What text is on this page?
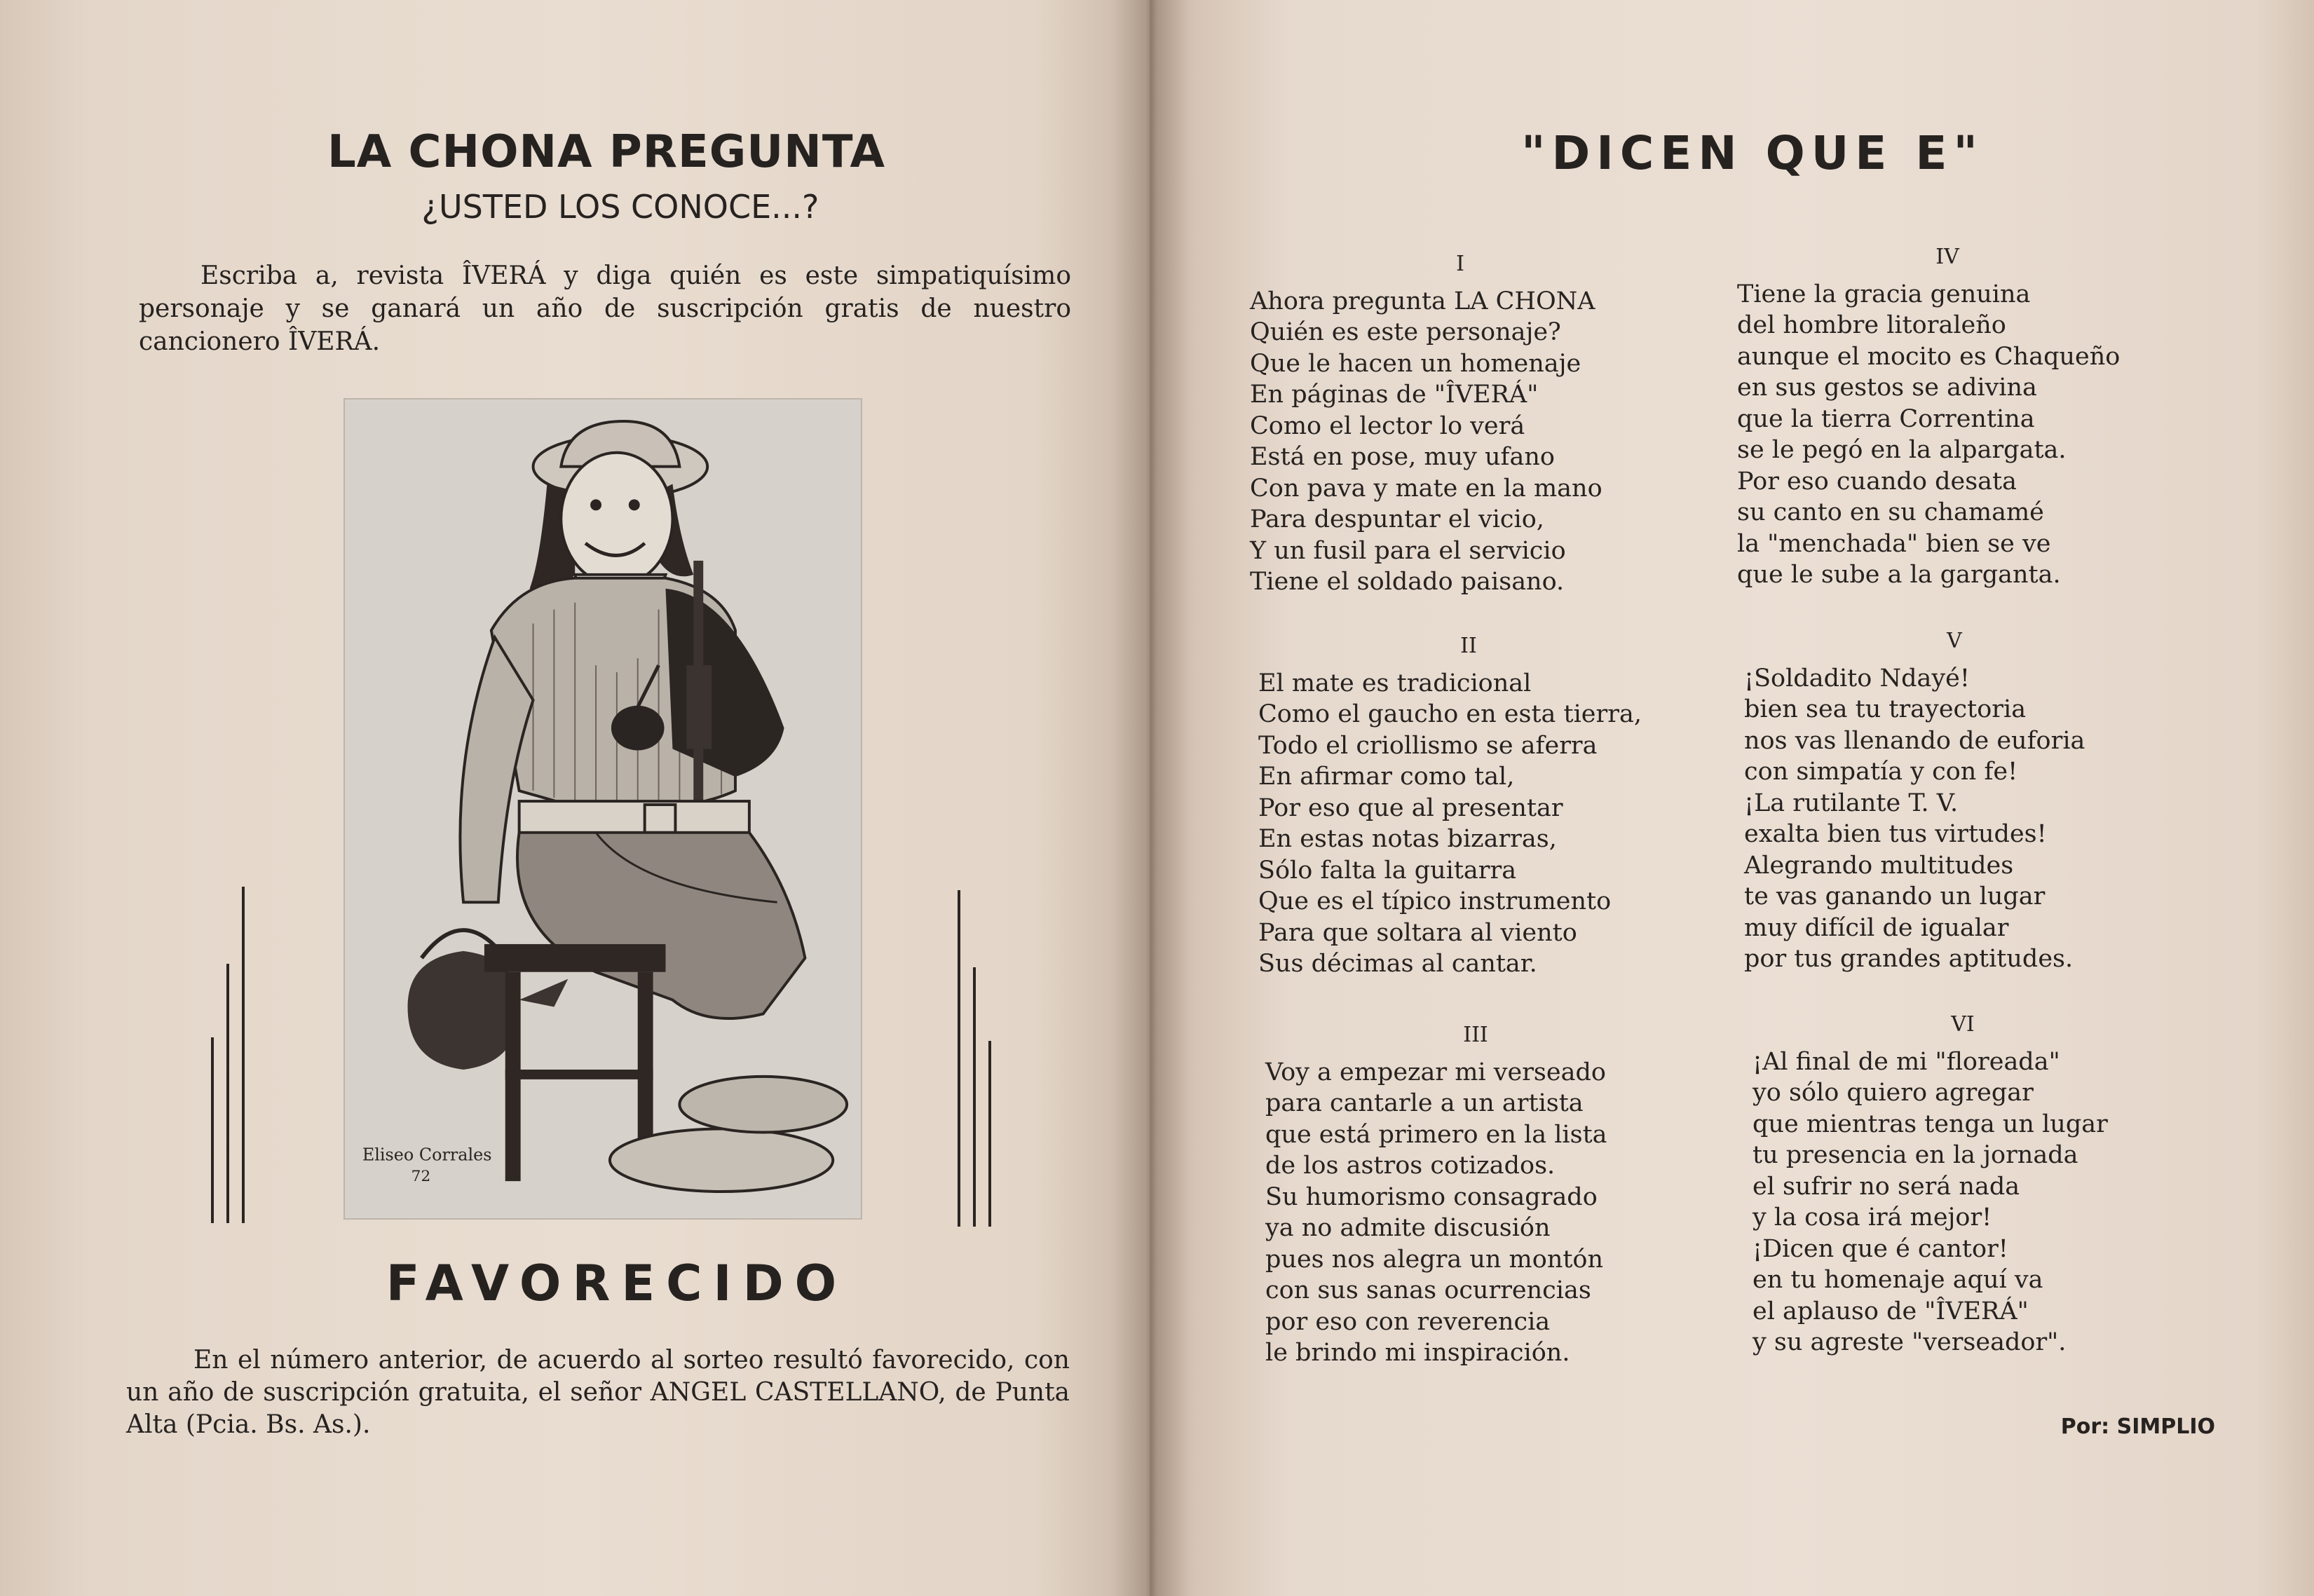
LA CHONA PREGUNTA
¿USTED LOS CONOCE...?

Escriba a, revista ÎVERÁ y diga quién es este simpatiquísimo personaje y se ganará un año de suscripción gratis de nuestro cancionero ÎVERÁ.

Eliseo Corrales
72
FAVORECIDO

En el número anterior, de acuerdo al sorteo resultó favorecido, con un año de suscripción gratuita, el señor ANGEL CASTELLANO, de Punta Alta (Pcia. Bs. As.).

"DICEN QUE E"
I
Ahora pregunta LA CHONA
Quién es este personaje?
Que le hacen un homenaje
En páginas de "ÎVERÁ"
Como el lector lo verá
Está en pose, muy ufano
Con pava y mate en la mano
Para despuntar el vicio,
Y un fusil para el servicio
Tiene el soldado paisano.
II
El mate es tradicional
Como el gaucho en esta tierra,
Todo el criollismo se aferra
En afirmar como tal,
Por eso que al presentar
En estas notas bizarras,
Sólo falta la guitarra
Que es el típico instrumento
Para que soltara al viento
Sus décimas al cantar.
III
Voy a empezar mi verseado
para cantarle a un artista
que está primero en la lista
de los astros cotizados.
Su humorismo consagrado
ya no admite discusión
pues nos alegra un montón
con sus sanas ocurrencias
por eso con reverencia
le brindo mi inspiración.
IV
Tiene la gracia genuina
del hombre litoraleño
aunque el mocito es Chaqueño
en sus gestos se adivina
que la tierra Correntina
se le pegó en la alpargata.
Por eso cuando desata
su canto en su chamamé
la "menchada" bien se ve
que le sube a la garganta.
V
¡Soldadito Ndayé!
bien sea tu trayectoria
nos vas llenando de euforia
con simpatía y con fe!
¡La rutilante T. V.
exalta bien tus virtudes!
Alegrando multitudes
te vas ganando un lugar
muy difícil de igualar
por tus grandes aptitudes.
VI
¡Al final de mi "floreada"
yo sólo quiero agregar
que mientras tenga un lugar
tu presencia en la jornada
el sufrir no será nada
y la cosa irá mejor!
¡Dicen que é cantor!
en tu homenaje aquí va
el aplauso de "ÎVERÁ"
y su agreste "verseador".
Por: SIMPLIO
